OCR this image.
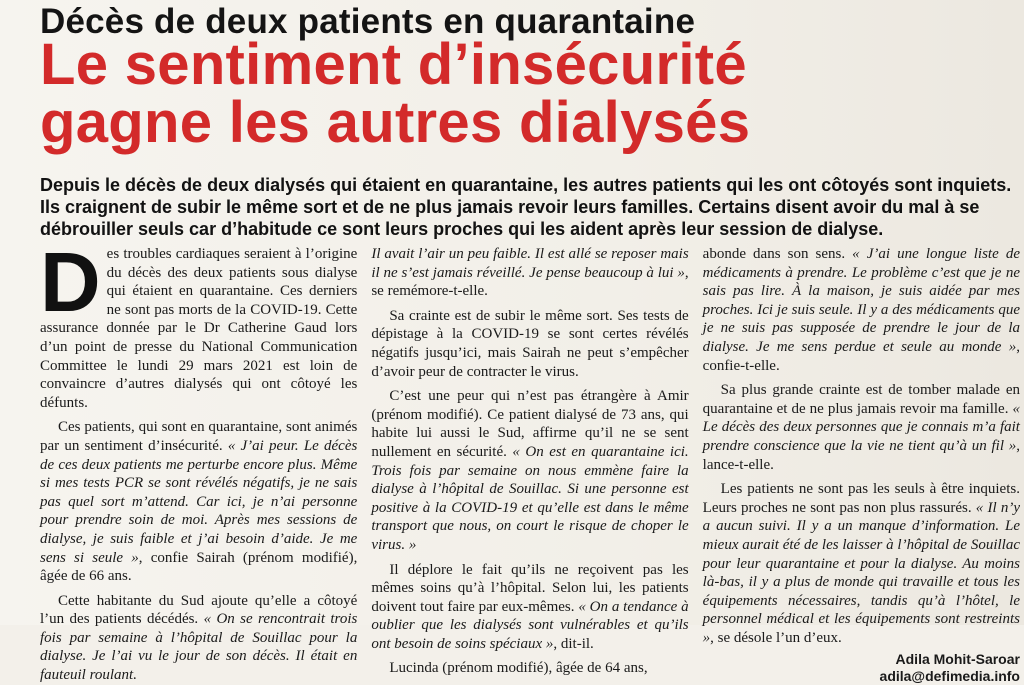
Décès de deux patients en quarantaine
Le sentiment d’insécurité
gagne les autres dialysés
Depuis le décès de deux dialysés qui étaient en quarantaine, les autres patients qui les ont côtoyés sont inquiets. Ils craignent de subir le même sort et de ne plus jamais revoir leurs familles. Certains disent avoir du mal à se débrouiller seuls car d’habitude ce sont leurs proches qui les aident après leur session de dialyse.

Des troubles cardiaques seraient à l’origine du décès des deux patients sous dialyse qui étaient en quarantaine. Ces derniers ne sont pas morts de la COVID-19. Cette assurance donnée par le Dr Catherine Gaud lors d’un point de presse du National Communication Committee le lundi 29 mars 2021 est loin de convaincre d’autres dialysés qui ont côtoyé les défunts.

Ces patients, qui sont en quarantaine, sont animés par un sentiment d’insécurité. « J’ai peur. Le décès de ces deux patients me perturbe encore plus. Même si mes tests PCR se sont révélés négatifs, je ne sais pas quel sort m’attend. Car ici, je n’ai personne pour prendre soin de moi. Après mes sessions de dialyse, je suis faible et j’ai besoin d’aide. Je me sens si seule », confie Sairah (prénom modifié), âgée de 66 ans.

Cette habitante du Sud ajoute qu’elle a côtoyé l’un des patients décédés. « On se rencontrait trois fois par semaine à l’hôpital de Souillac pour la dialyse. Je l’ai vu le jour de son décès. Il était en fauteuil roulant.

Il avait l’air un peu faible. Il est allé se reposer mais il ne s’est jamais réveillé. Je pense beaucoup à lui », se remémore-t-elle.

Sa crainte est de subir le même sort. Ses tests de dépistage à la COVID-19 se sont certes révélés négatifs jusqu’ici, mais Sairah ne peut s’empêcher d’avoir peur de contracter le virus.

C’est une peur qui n’est pas étrangère à Amir (prénom modifié). Ce patient dialysé de 73 ans, qui habite lui aussi le Sud, affirme qu’il ne se sent nullement en sécurité. « On est en quarantaine ici. Trois fois par semaine on nous emmène faire la dialyse à l’hôpital de Souillac. Si une personne est positive à la COVID-19 et qu’elle est dans le même transport que nous, on court le risque de choper le virus. »

Il déplore le fait qu’ils ne reçoivent pas les mêmes soins qu’à l’hôpital. Selon lui, les patients doivent tout faire par eux-mêmes. « On a tendance à oublier que les dialysés sont vulnérables et qu’ils ont besoin de soins spéciaux », dit-il.

Lucinda (prénom modifié), âgée de 64 ans,

abonde dans son sens. « J’ai une longue liste de médicaments à prendre. Le problème c’est que je ne sais pas lire. À la maison, je suis aidée par mes proches. Ici je suis seule. Il y a des médicaments que je ne suis pas supposée de prendre le jour de la dialyse. Je me sens perdue et seule au monde », confie-t-elle.

Sa plus grande crainte est de tomber malade en quarantaine et de ne plus jamais revoir ma famille. « Le décès des deux personnes que je connais m’a fait prendre conscience que la vie ne tient qu’à un fil », lance-t-elle.

Les patients ne sont pas les seuls à être inquiets. Leurs proches ne sont pas non plus rassurés. « Il n’y a aucun suivi. Il y a un manque d’information. Le mieux aurait été de les laisser à l’hôpital de Souillac pour leur quarantaine et pour la dialyse. Au moins là-bas, il y a plus de monde qui travaille et tous les équipements nécessaires, tandis qu’à l’hôtel, le personnel médical et les équipements sont restreints », se désole l’un d’eux.

Adila Mohit-Saroar
adila@defimedia.info
